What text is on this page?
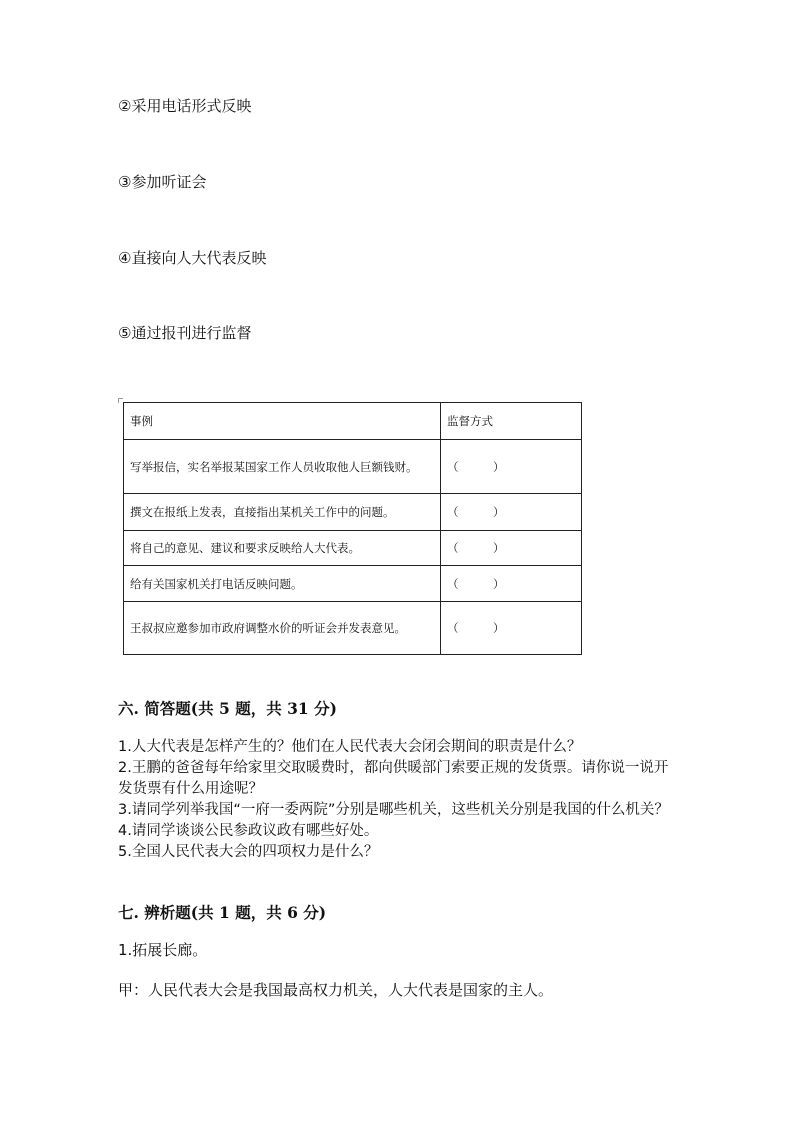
②采用电话形式反映
③参加听证会
④直接向人大代表反映
⑤通过报刊进行监督
事例	监督方式
写举报信，实名举报某国家工作人员收取他人巨额钱财。	（　　　）
撰文在报纸上发表，直接指出某机关工作中的问题。	（　　　）
将自己的意见、建议和要求反映给人大代表。	（　　　）
给有关国家机关打电话反映问题。	（　　　）
王叔叔应邀参加市政府调整水价的听证会并发表意见。	（　　　）
六. 简答题(共 5 题，共 31 分)
1.人大代表是怎样产生的？他们在人民代表大会闭会期间的职责是什么？
2.王鹏的爸爸每年给家里交取暖费时，都向供暖部门索要正规的发货票。请你说一说开发货票有什么用途呢？
3.请同学列举我国“一府一委两院”分别是哪些机关，这些机关分别是我国的什么机关？
4.请同学谈谈公民参政议政有哪些好处。
5.全国人民代表大会的四项权力是什么？
七. 辨析题(共 1 题，共 6 分)
1.拓展长廊。
甲：人民代表大会是我国最高权力机关，人大代表是国家的主人。
